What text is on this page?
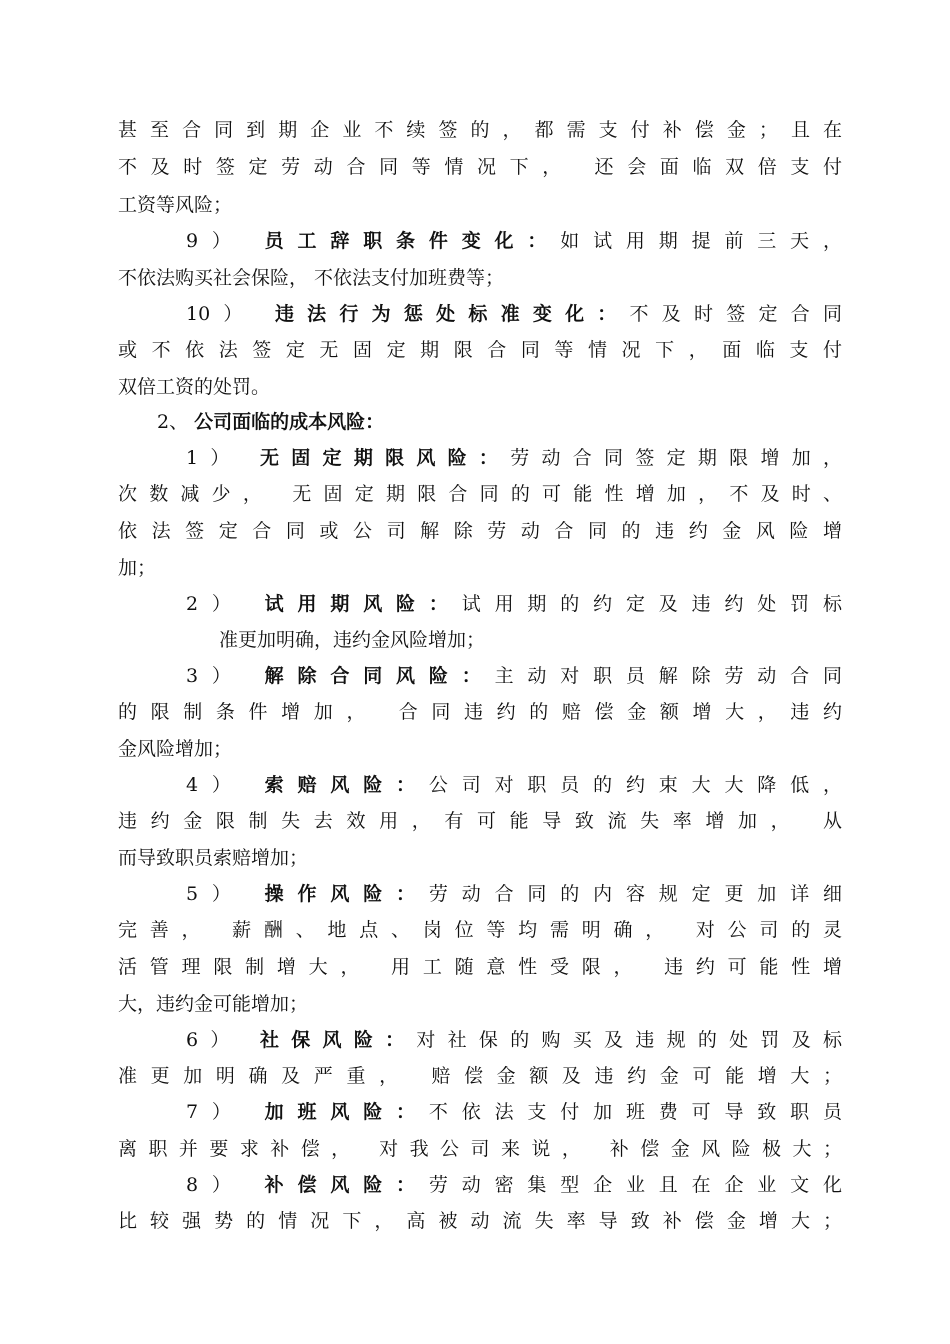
甚至合同到期企业不续签的，都需支付补偿金；且在
不及时签定劳动合同等情况下， 还会面临双倍支付
工资等风险；
9） 员工辞职条件变化：如试用期提前三天，
不依法购买社会保险， 不依法支付加班费等；
10） 违法行为惩处标准变化：不及时签定合同
或不依法签定无固定期限合同等情况下，面临支付
双倍工资的处罚。
2、 公司面临的成本风险：
1） 无固定期限风险：劳动合同签定期限增加，
次数减少， 无固定期限合同的可能性增加，不及时、
依法签定合同或公司解除劳动合同的违约金风险增
加；
2） 试用期风险：试用期的约定及违约处罚标
准更加明确，违约金风险增加；
3） 解除合同风险：主动对职员解除劳动合同
的限制条件增加， 合同违约的赔偿金额增大，违约
金风险增加；
4） 索赔风险：公司对职员的约束大大降低，
违约金限制失去效用，有可能导致流失率增加， 从
而导致职员索赔增加；
5） 操作风险：劳动合同的内容规定更加详细
完善， 薪酬、地点、岗位等均需明确， 对公司的灵
活管理限制增大， 用工随意性受限， 违约可能性增
大，违约金可能增加；
6） 社保风险：对社保的购买及违规的处罚及标
准更加明确及严重， 赔偿金额及违约金可能增大；
7） 加班风险：不依法支付加班费可导致职员
离职并要求补偿， 对我公司来说， 补偿金风险极大；
8） 补偿风险：劳动密集型企业且在企业文化
比较强势的情况下，高被动流失率导致补偿金增大；
